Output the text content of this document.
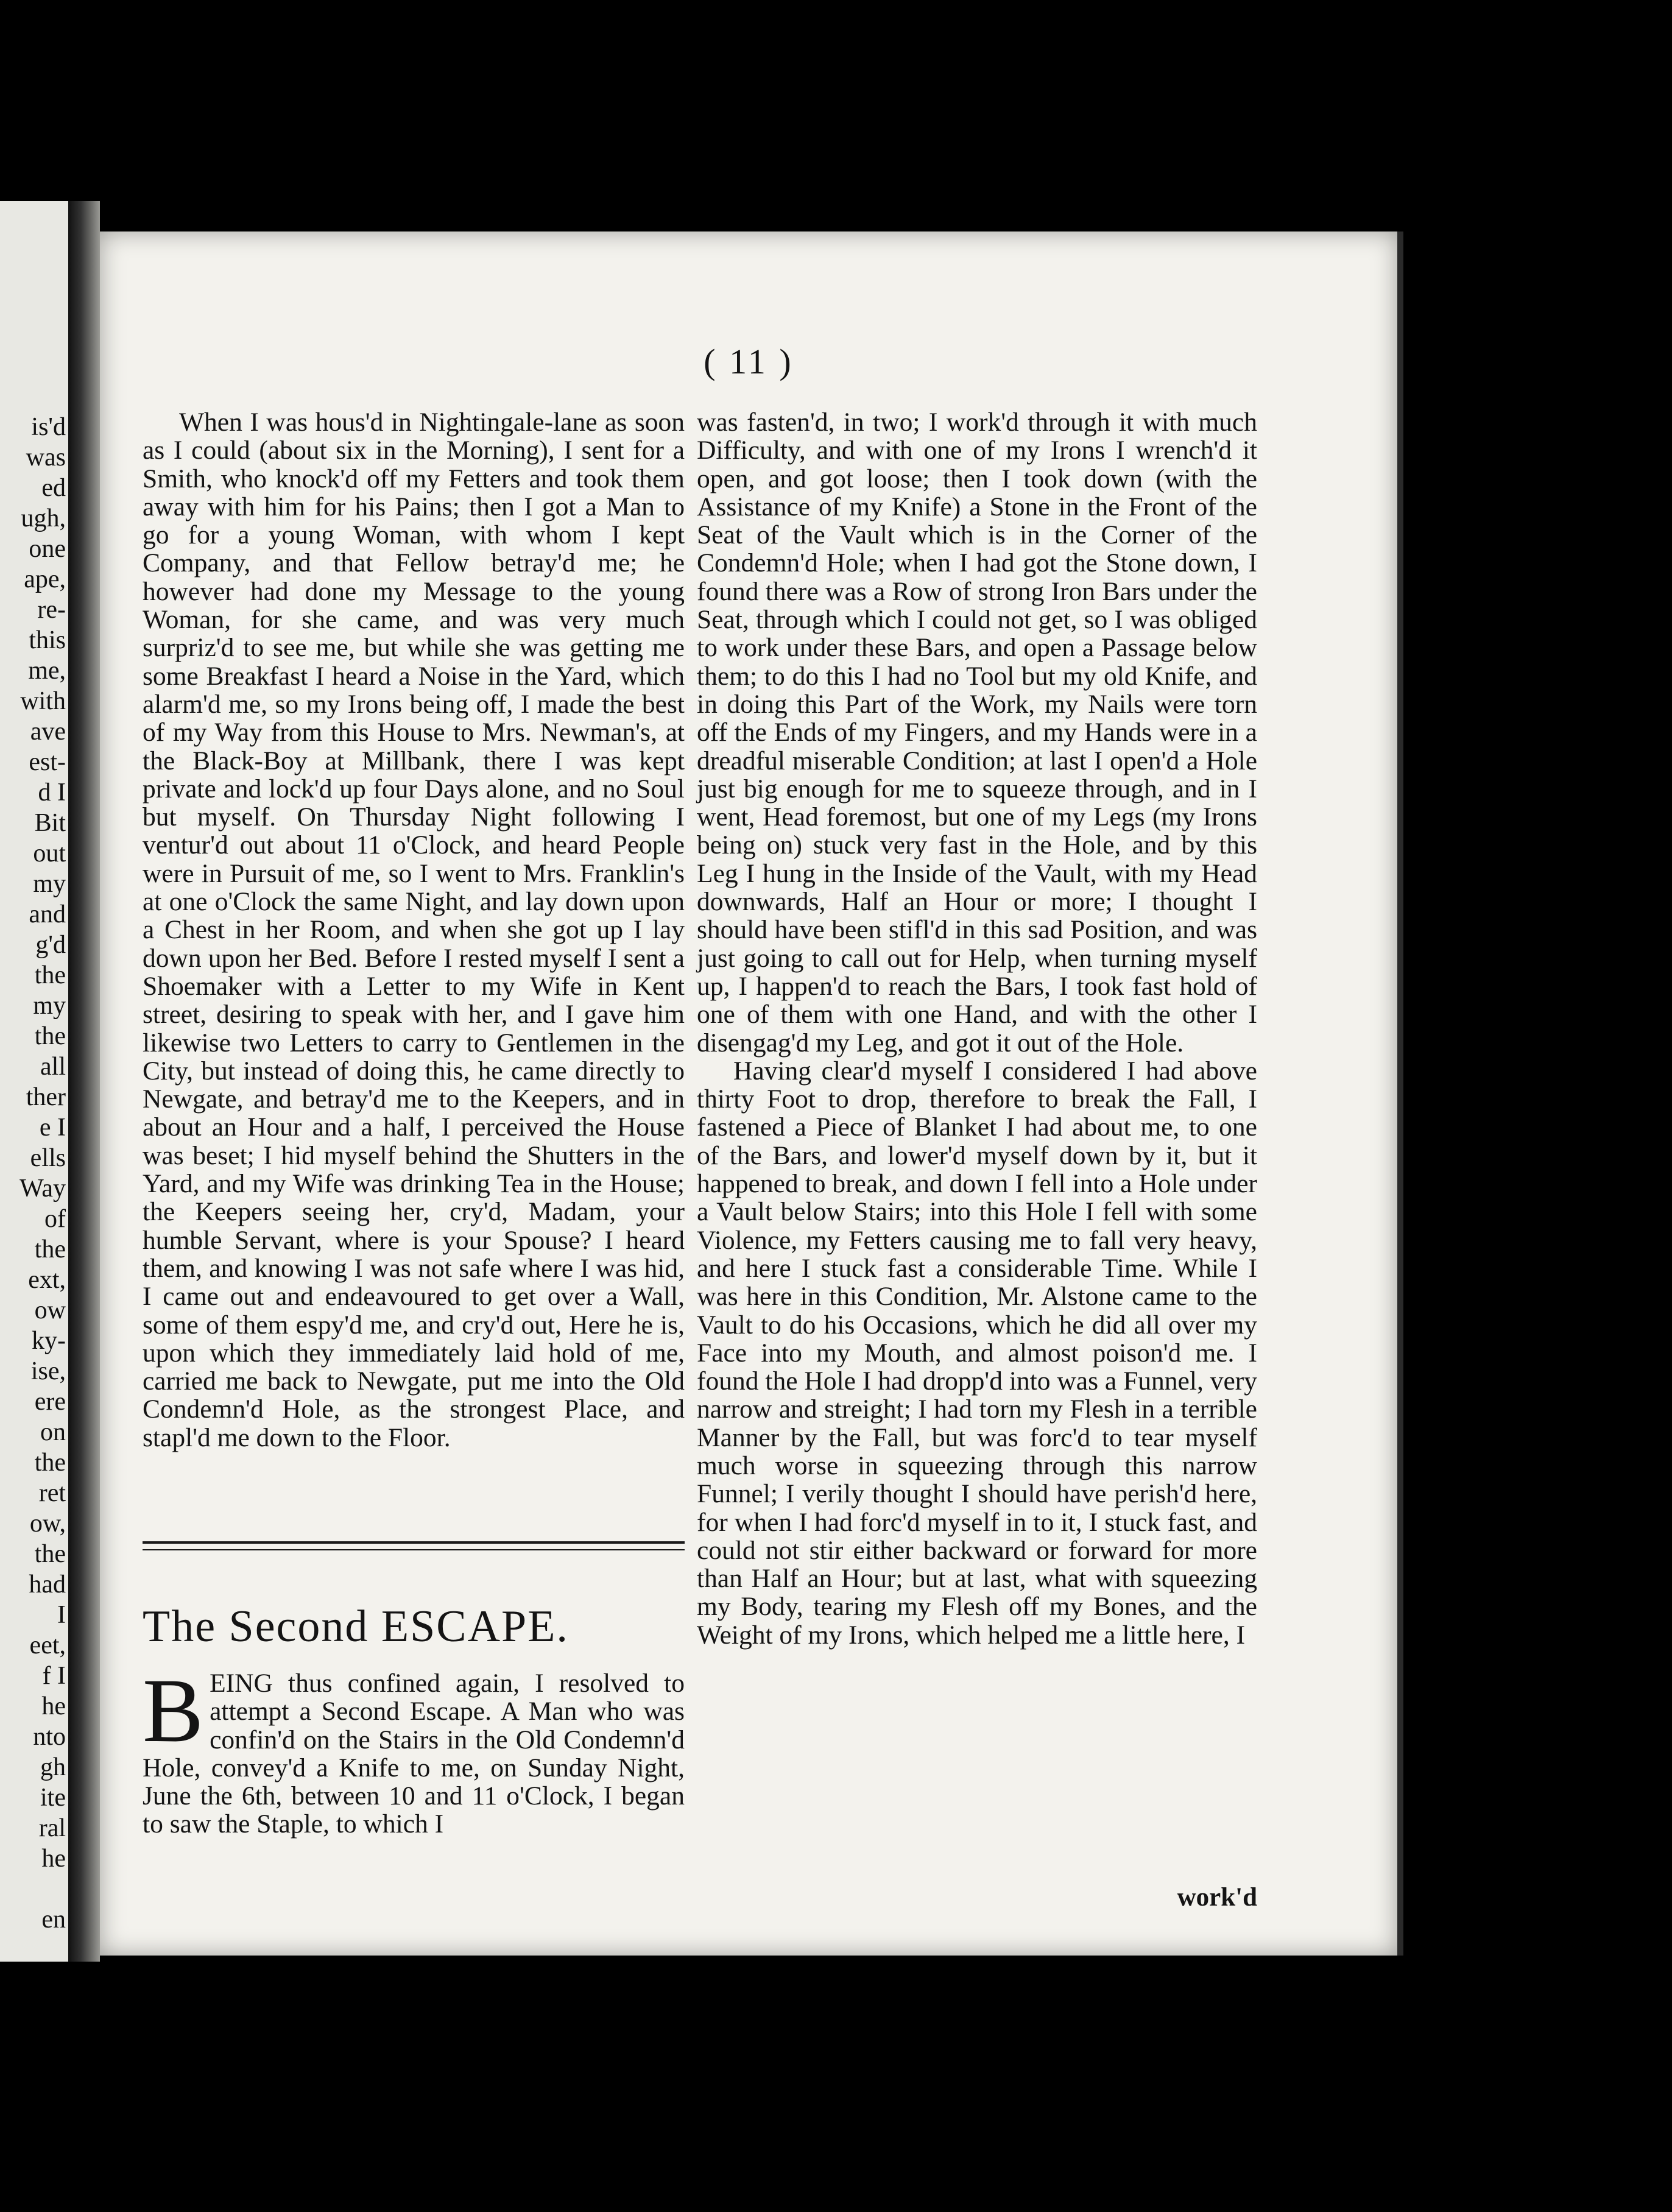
is'd
was
ed
ugh,
one
ape,
re-
this
me,
with
ave
est-
d I
Bit
out
my
and
g'd
the
my
the
all
ther
e I
ells
Way
of
the
ext,
ow
ky-
ise,
ere
on
the
ret
ow,
the
had
I
eet,
f I
he
nto
gh
ite
ral
he
en
( 11 )

When I was hous'd in Nightingale-lane as soon as I could (about six in the Morning), I sent for a Smith, who knock'd off my Fetters and took them away with him for his Pains; then I got a Man to go for a young Woman, with whom I kept Company, and that Fellow betray'd me; he however had done my Message to the young Woman, for she came, and was very much surpriz'd to see me, but while she was getting me some Breakfast I heard a Noise in the Yard, which alarm'd me, so my Irons being off, I made the best of my Way from this House to Mrs. Newman's, at the Black-Boy at Millbank, there I was kept private and lock'd up four Days alone, and no Soul but myself. On Thursday Night following I ventur'd out about 11 o'Clock, and heard People were in Pursuit of me, so I went to Mrs. Franklin's at one o'Clock the same Night, and lay down upon a Chest in her Room, and when she got up I lay down upon her Bed. Before I rested myself I sent a Shoemaker with a Letter to my Wife in Kent street, desiring to speak with her, and I gave him likewise two Letters to carry to Gentlemen in the City, but instead of doing this, he came directly to Newgate, and betray'd me to the Keepers, and in about an Hour and a half, I perceived the House was beset; I hid myself behind the Shutters in the Yard, and my Wife was drinking Tea in the House; the Keepers seeing her, cry'd, Madam, your humble Servant, where is your Spouse? I heard them, and knowing I was not safe where I was hid, I came out and endeavoured to get over a Wall, some of them espy'd me, and cry'd out, Here he is, upon which they immediately laid hold of me, carried me back to Newgate, put me into the Old Condemn'd Hole, as the strongest Place, and stapl'd me down to the Floor.

The Second ESCAPE.
BEING thus confined again, I resolved to attempt a Second Escape. A Man who was confin'd on the Stairs in the Old Condemn'd Hole, convey'd a Knife to me, on Sunday Night, June the 6th, between 10 and 11 o'Clock, I began to saw the Staple, to which I

was fasten'd, in two; I work'd through it with much Difficulty, and with one of my Irons I wrench'd it open, and got loose; then I took down (with the Assistance of my Knife) a Stone in the Front of the Seat of the Vault which is in the Corner of the Condemn'd Hole; when I had got the Stone down, I found there was a Row of strong Iron Bars under the Seat, through which I could not get, so I was obliged to work under these Bars, and open a Passage below them; to do this I had no Tool but my old Knife, and in doing this Part of the Work, my Nails were torn off the Ends of my Fingers, and my Hands were in a dreadful miserable Condition; at last I open'd a Hole just big enough for me to squeeze through, and in I went, Head foremost, but one of my Legs (my Irons being on) stuck very fast in the Hole, and by this Leg I hung in the Inside of the Vault, with my Head downwards, Half an Hour or more; I thought I should have been stifl'd in this sad Position, and was just going to call out for Help, when turning myself up, I happen'd to reach the Bars, I took fast hold of one of them with one Hand, and with the other I disengag'd my Leg, and got it out of the Hole.

Having clear'd myself I considered I had above thirty Foot to drop, therefore to break the Fall, I fastened a Piece of Blanket I had about me, to one of the Bars, and lower'd myself down by it, but it happened to break, and down I fell into a Hole under a Vault below Stairs; into this Hole I fell with some Violence, my Fetters causing me to fall very heavy, and here I stuck fast a considerable Time. While I was here in this Condition, Mr. Alstone came to the Vault to do his Occasions, which he did all over my Face into my Mouth, and almost poison'd me. I found the Hole I had dropp'd into was a Funnel, very narrow and streight; I had torn my Flesh in a terrible Manner by the Fall, but was forc'd to tear myself much worse in squeezing through this narrow Funnel; I verily thought I should have perish'd here, for when I had forc'd myself in to it, I stuck fast, and could not stir either backward or forward for more than Half an Hour; but at last, what with squeezing my Body, tearing my Flesh off my Bones, and the Weight of my Irons, which helped me a little here, I

work'd
